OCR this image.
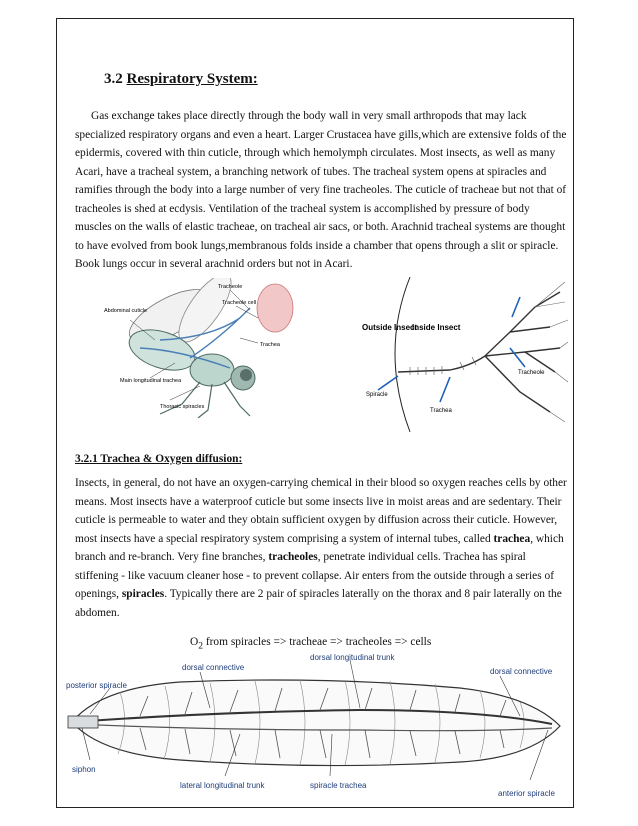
3.2 Respiratory System:

Gas exchange takes place directly through the body wall in very small arthropods that may lack specialized respiratory organs and even a heart. Larger Crustacea have gills,which are extensive folds of the epidermis, covered with thin cuticle, through which hemolymph circulates. Most insects, as well as many Acari, have a tracheal system, a branching network of tubes. The tracheal system opens at spiracles and ramifies through the body into a large number of very fine tracheoles. The cuticle of tracheae but not that of tracheoles is shed at ecdysis. Ventilation of the tracheal system is accomplished by pressure of body muscles on the walls of elastic tracheae, on tracheal air sacs, or both. Arachnid tracheal systems are thought to have evolved from book lungs,membranous folds inside a chamber that opens through a slit or spiracle. Book lungs occur in several arachnid orders but not in Acari.

Abdominal cuticle
Tracheole
Tracheole cell
Trachea
Main longitudinal trachea
Thoracic spiracles
Outside Insect
Inside Insect
Spiracle
Trachea
Tracheole

3.2.1 Trachea & Oxygen diffusion:

Insects, in general, do not have an oxygen-carrying chemical in their blood so oxygen reaches cells by other means. Most insects have a waterproof cuticle but some insects live in moist areas and are sedentary. Their cuticle is permeable to water and they obtain sufficient oxygen by diffusion across their cuticle. However, most insects have a special respiratory system comprising a system of internal tubes, called trachea, which branch and re-branch. Very fine branches, tracheoles, penetrate individual cells. Trachea has spiral stiffening - like vacuum cleaner hose - to prevent collapse. Air enters from the outside through a series of openings, spiracles. Typically there are 2 pair of spiracles laterally on the thorax and 8 pair laterally on the abdomen.

$O_2$ from spiracles => tracheae => tracheoles => cells

posterior spiracle
dorsal connective
dorsal longitudinal trunk
dorsal connective
siphon
lateral longitudinal trunk	spiracle trachea
anterior spiracle
